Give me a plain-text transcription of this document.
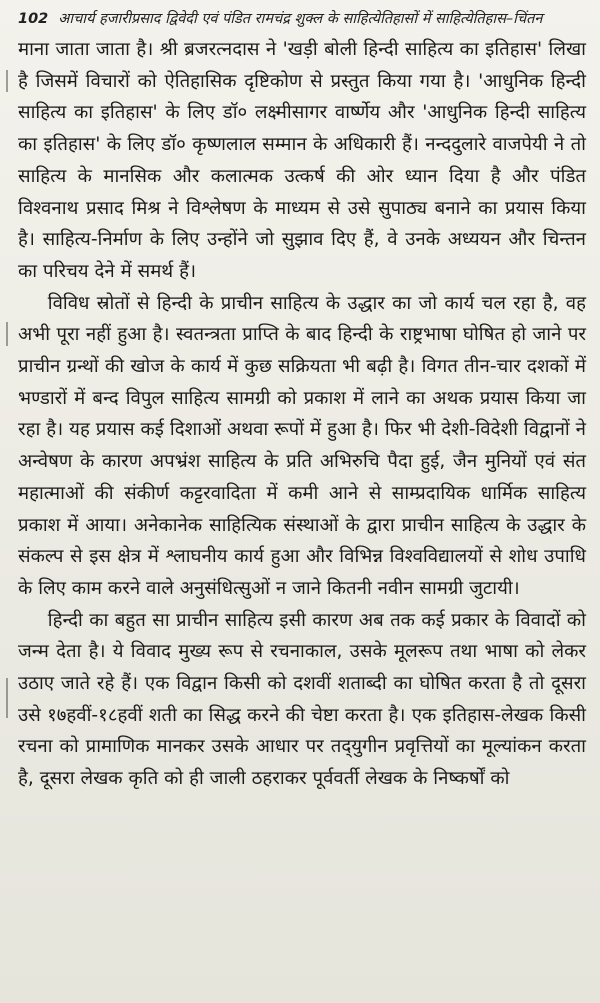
102 आचार्य हजारीप्रसाद द्विवेदी एवं पंडित रामचंद्र शुक्ल के साहित्येतिहासों में साहित्येतिहास–चिंतन

माना जाता जाता है। श्री ब्रजरत्नदास ने 'खड़ी बोली हिन्दी साहित्य का इतिहास' लिखा है जिसमें विचारों को ऐतिहासिक दृष्टिकोण से प्रस्तुत किया गया है। 'आधुनिक हिन्दी साहित्य का इतिहास' के लिए डॉ० लक्ष्मीसागर वार्ष्णेय और 'आधुनिक हिन्दी साहित्य का इतिहास' के लिए डॉ० कृष्णलाल सम्मान के अधिकारी हैं। नन्ददुलारे वाजपेयी ने तो साहित्य के मानसिक और कलात्मक उत्कर्ष की ओर ध्यान दिया है और पंडित विश्वनाथ प्रसाद मिश्र ने विश्लेषण के माध्यम से उसे सुपाठ्य बनाने का प्रयास किया है। साहित्य-निर्माण के लिए उन्होंने जो सुझाव दिए हैं, वे उनके अध्‍ययन और चिन्तन का परिचय देने में समर्थ हैं।

विविध स्रोतों से हिन्दी के प्राचीन साहित्य के उद्धार का जो कार्य चल रहा है, वह अभी पूरा नहीं हुआ है। स्वतन्त्रता प्राप्ति के बाद हिन्दी के राष्ट्रभाषा घोषित हो जाने पर प्राचीन ग्रन्थों की खोज के कार्य में कुछ सक्रियता भी बढ़ी है। विगत तीन-चार दशकों में भण्डारों में बन्द विपुल साहित्य सामग्री को प्रकाश में लाने का अथक प्रयास किया जा रहा है। यह प्रयास कई दिशाओं अथवा रूपों में हुआ है। फिर भी देशी-विदेशी विद्वानों ने अन्वेषण के कारण अपभ्रंश साहित्य के प्रति अभिरुचि पैदा हुई, जैन मुनियों एवं संत महात्माओं की संकीर्ण कट्टरवादिता में कमी आने से साम्प्रदायिक धार्मिक साहित्य प्रकाश में आया। अनेकानेक साहित्यिक संस्थाओं के द्वारा प्राचीन साहित्य के उद्धार के संकल्प से इस क्षेत्र में श्लाघनीय कार्य हुआ और विभिन्न विश्वविद्यालयों से शोध उपाधि के लिए काम करने वाले अनुसंधित्सुओं न जाने कितनी नवीन सामग्री जुटायी।

हिन्दी का बहुत सा प्राचीन साहित्य इसी कारण अब तक कई प्रकार के विवादों को जन्म देता है। ये विवाद मुख्य रूप से रचनाकाल, उसके मूलरूप तथा भाषा को लेकर उठाए जाते रहे हैं। एक विद्वान किसी को दशवीं शताब्दी का घोषित करता है तो दूसरा उसे १७हवीं-१८हवीं शती का सिद्ध करने की चेष्टा करता है। एक इतिहास-लेखक किसी रचना को प्रामाणिक मानकर उसके आधार पर तद्‌युगीन प्रवृत्तियों का मूल्यांकन करता है, दूसरा लेखक कृति को ही जाली ठहराकर पूर्ववर्ती लेखक के निष्कर्षों को
